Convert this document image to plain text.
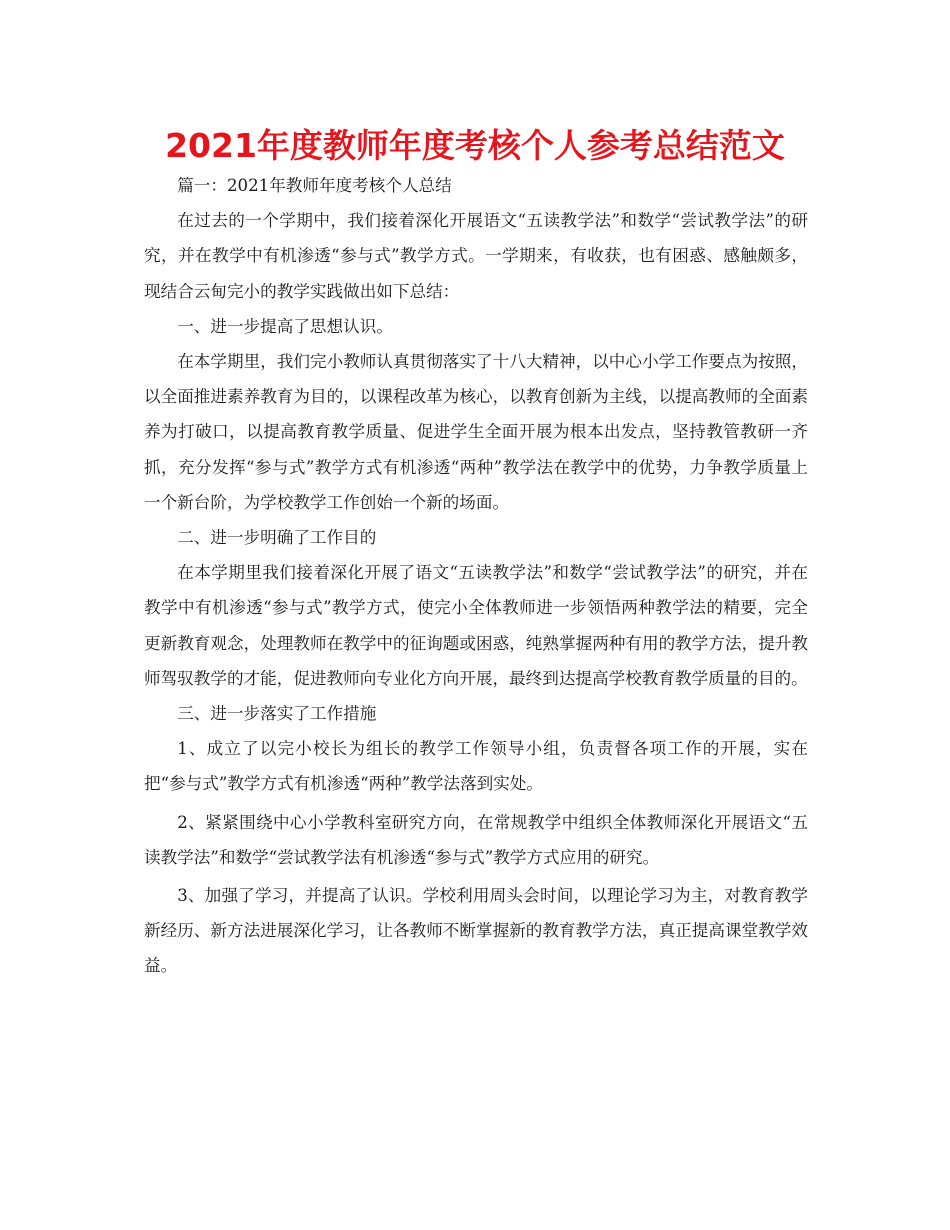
2021年度教师年度考核个人参考总结范文

篇一：2021年教师年度考核个人总结

在过去的一个学期中，我们接着深化开展语文“五读教学法”和数学“尝试教学法”的研究，并在教学中有机渗透“参与式”教学方式。一学期来，有收获，也有困惑、感触颇多，现结合云甸完小的教学实践做出如下总结：

一、进一步提高了思想认识。

在本学期里，我们完小教师认真贯彻落实了十八大精神，以中心小学工作要点为按照，以全面推进素养教育为目的，以课程改革为核心，以教育创新为主线，以提高教师的全面素养为打破口，以提高教育教学质量、促进学生全面开展为根本出发点，坚持教管教研一齐抓，充分发挥“参与式”教学方式有机渗透“两种”教学法在教学中的优势，力争教学质量上一个新台阶，为学校教学工作创始一个新的场面。

二、进一步明确了工作目的

在本学期里我们接着深化开展了语文“五读教学法”和数学“尝试教学法”的研究，并在教学中有机渗透“参与式”教学方式，使完小全体教师进一步领悟两种教学法的精要，完全更新教育观念，处理教师在教学中的征询题或困惑，纯熟掌握两种有用的教学方法，提升教师驾驭教学的才能，促进教师向专业化方向开展，最终到达提高学校教育教学质量的目的。

三、进一步落实了工作措施

1、成立了以完小校长为组长的教学工作领导小组，负责督各项工作的开展，实在把“参与式”教学方式有机渗透“两种”教学法落到实处。

2、紧紧围绕中心小学教科室研究方向，在常规教学中组织全体教师深化开展语文“五读教学法”和数学“尝试教学法有机渗透“参与式”教学方式应用的研究。

3、加强了学习，并提高了认识。学校利用周头会时间，以理论学习为主，对教育教学新经历、新方法进展深化学习，让各教师不断掌握新的教育教学方法，真正提高课堂教学效益。
